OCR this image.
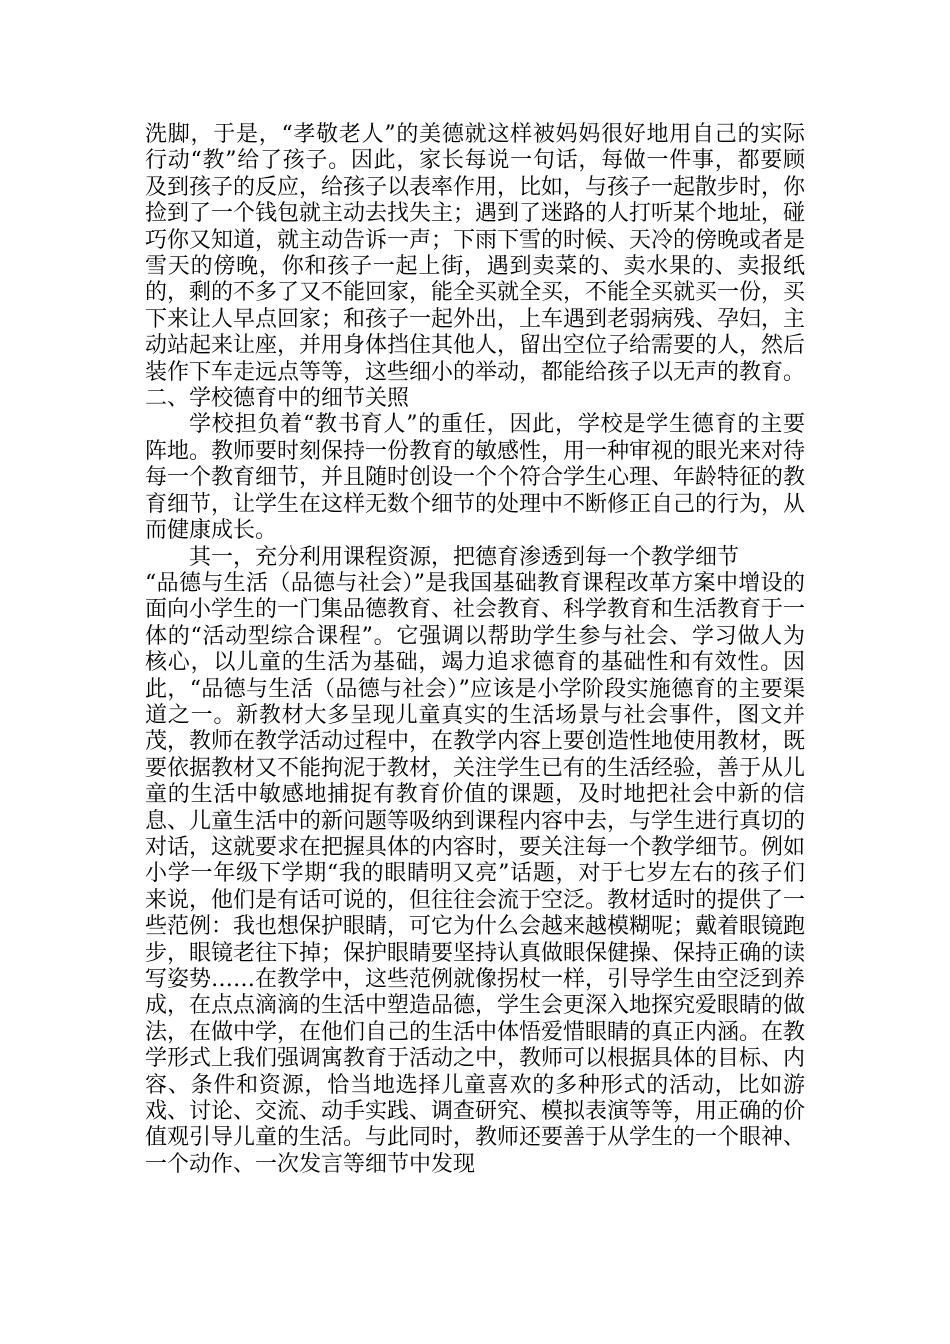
洗脚，于是，“孝敬老人”的美德就这样被妈妈很好地用自己的实际行动“教”给了孩子。因此，家长每说一句话，每做一件事，都要顾及到孩子的反应，给孩子以表率作用，比如，与孩子一起散步时，你捡到了一个钱包就主动去找失主；遇到了迷路的人打听某个地址，碰巧你又知道，就主动告诉一声；下雨下雪的时候、天冷的傍晚或者是雪天的傍晚，你和孩子一起上街，遇到卖菜的、卖水果的、卖报纸的，剩的不多了又不能回家，能全买就全买，不能全买就买一份，买下来让人早点回家；和孩子一起外出，上车遇到老弱病残、孕妇，主动站起来让座，并用身体挡住其他人，留出空位子给需要的人，然后装作下车走远点等等，这些细小的举动，都能给孩子以无声的教育。

二、学校德育中的细节关照

学校担负着“教书育人”的重任，因此，学校是学生德育的主要阵地。教师要时刻保持一份教育的敏感性，用一种审视的眼光来对待每一个教育细节，并且随时创设一个个符合学生心理、年龄特征的教育细节，让学生在这样无数个细节的处理中不断修正自己的行为，从而健康成长。

其一，充分利用课程资源，把德育渗透到每一个教学细节

“品德与生活（品德与社会）”是我国基础教育课程改革方案中增设的面向小学生的一门集品德教育、社会教育、科学教育和生活教育于一体的“活动型综合课程”。它强调以帮助学生参与社会、学习做人为核心，以儿童的生活为基础，竭力追求德育的基础性和有效性。因此，“品德与生活（品德与社会）”应该是小学阶段实施德育的主要渠道之一。新教材大多呈现儿童真实的生活场景与社会事件，图文并茂，教师在教学活动过程中，在教学内容上要创造性地使用教材，既要依据教材又不能拘泥于教材，关注学生已有的生活经验，善于从儿童的生活中敏感地捕捉有教育价值的课题，及时地把社会中新的信息、儿童生活中的新问题等吸纳到课程内容中去，与学生进行真切的对话，这就要求在把握具体的内容时，要关注每一个教学细节。例如小学一年级下学期“我的眼睛明又亮”话题，对于七岁左右的孩子们来说，他们是有话可说的，但往往会流于空泛。教材适时的提供了一些范例：我也想保护眼睛，可它为什么会越来越模糊呢；戴着眼镜跑步，眼镜老往下掉；保护眼睛要坚持认真做眼保健操、保持正确的读写姿势……在教学中，这些范例就像拐杖一样，引导学生由空泛到养成，在点点滴滴的生活中塑造品德，学生会更深入地探究爱眼睛的做法，在做中学，在他们自己的生活中体悟爱惜眼睛的真正内涵。在教学形式上我们强调寓教育于活动之中，教师可以根据具体的目标、内容、条件和资源，恰当地选择儿童喜欢的多种形式的活动，比如游戏、讨论、交流、动手实践、调查研究、模拟表演等等，用正确的价值观引导儿童的生活。与此同时，教师还要善于从学生的一个眼神、一个动作、一次发言等细节中发现
